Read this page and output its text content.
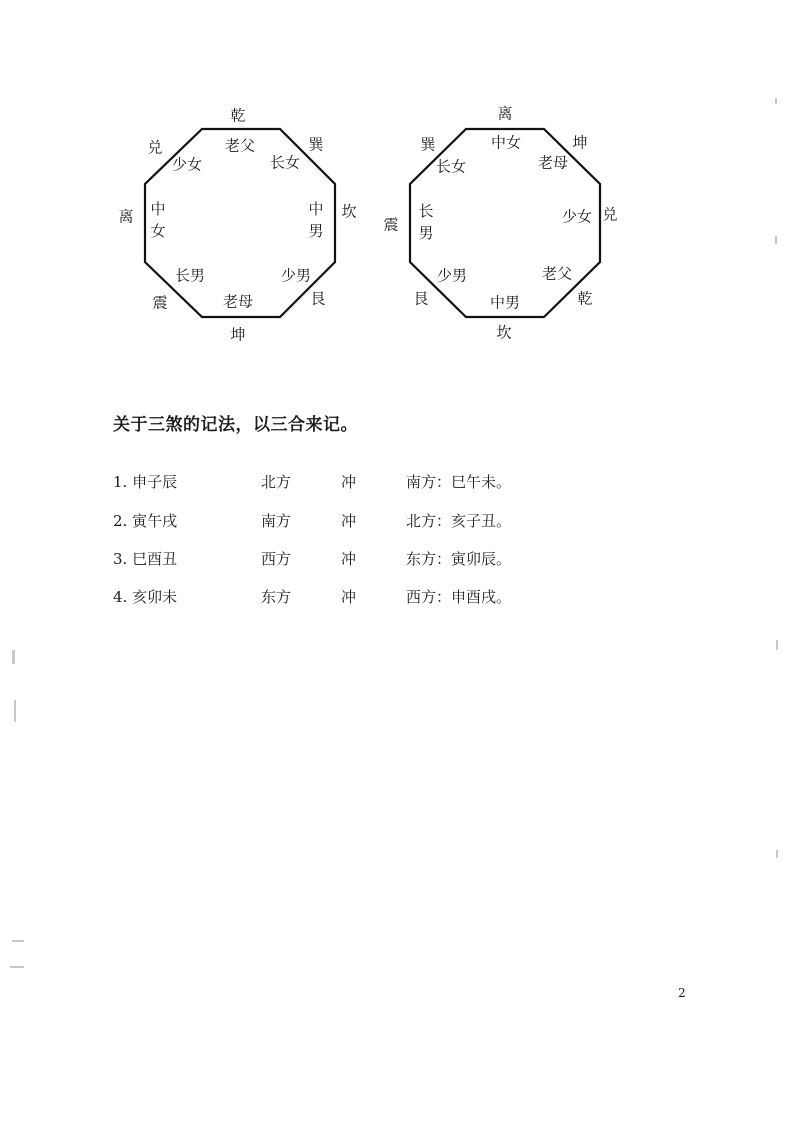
乾
巽
坎
艮
坤
震
离
兑	老父
长女
中男
少男
老母
长男
中女
少女
离
坤
兑
乾
坎
艮
震
巽	中女
老母
少女
老父
中男
少男
长男
长女
关于三煞的记法，以三合来记。
1. 申子辰	北方	冲	南方：巳午未。
2. 寅午戌	南方	冲	北方：亥子丑。
3. 巳酉丑	西方	冲	东方：寅卯辰。
4. 亥卯未	东方	冲	西方：申酉戌。
2
